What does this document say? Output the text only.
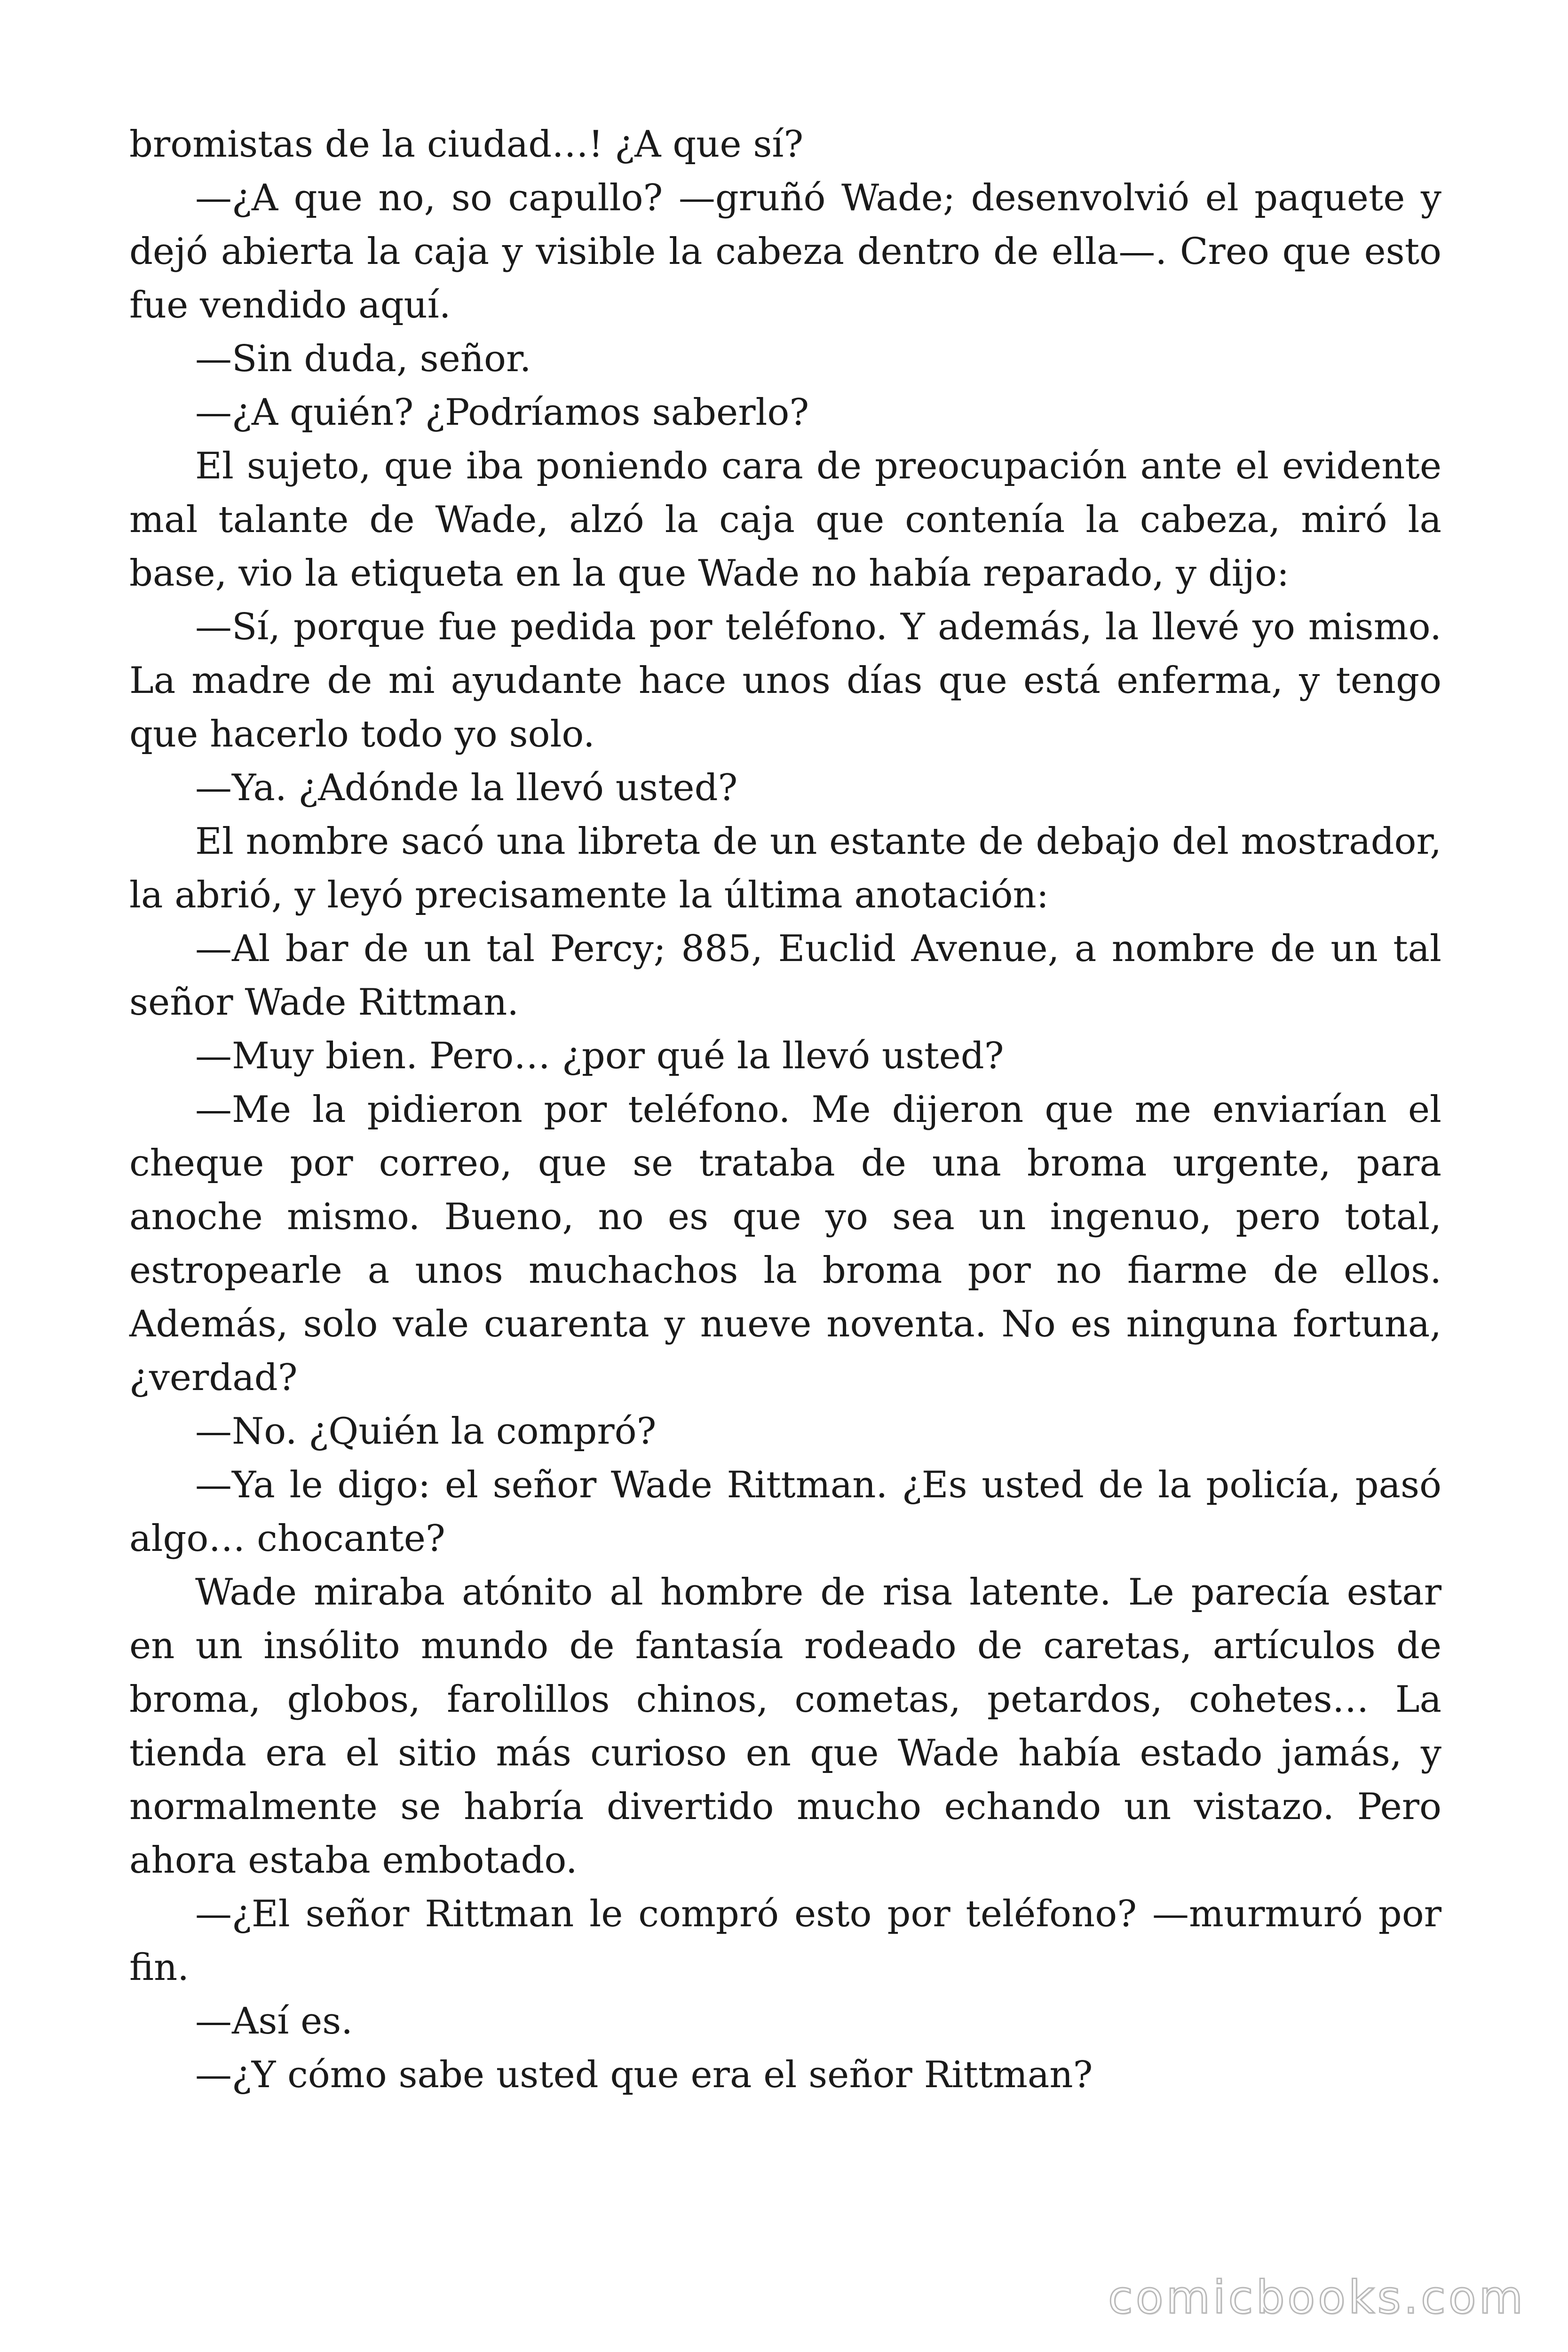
bromistas de la ciudad…! ¿A que sí?

—¿A que no, so capullo? —gruñó Wade; desenvolvió el paquete y dejó abierta la caja y visible la cabeza dentro de ella—. Creo que esto fue vendido aquí.

—Sin duda, señor.

—¿A quién? ¿Podríamos saberlo?

El sujeto, que iba poniendo cara de preocupación ante el evidente mal talante de Wade, alzó la caja que contenía la cabeza, miró la base, vio la etiqueta en la que Wade no había reparado, y dijo:

—Sí, porque fue pedida por teléfono. Y además, la llevé yo mismo. La madre de mi ayudante hace unos días que está enferma, y tengo que hacerlo todo yo solo.

—Ya. ¿Adónde la llevó usted?

El nombre sacó una libreta de un estante de debajo del mostrador, la abrió, y leyó precisamente la última anotación:

—Al bar de un tal Percy; 885, Euclid Avenue, a nombre de un tal señor Wade Rittman.

—Muy bien. Pero… ¿por qué la llevó usted?

—Me la pidieron por teléfono. Me dijeron que me enviarían el cheque por correo, que se trataba de una broma urgente, para anoche mismo. Bueno, no es que yo sea un ingenuo, pero total, estropearle a unos muchachos la broma por no fiarme de ellos. Además, solo vale cuarenta y nueve noventa. No es ninguna fortuna, ¿verdad?

—No. ¿Quién la compró?

—Ya le digo: el señor Wade Rittman. ¿Es usted de la policía, pasó algo… chocante?

Wade miraba atónito al hombre de risa latente. Le parecía estar en un insólito mundo de fantasía rodeado de caretas, artículos de broma, globos, farolillos chinos, cometas, petardos, cohetes… La tienda era el sitio más curioso en que Wade había estado jamás, y normalmente se habría divertido mucho echando un vistazo. Pero ahora estaba embotado.

—¿El señor Rittman le compró esto por teléfono? —murmuró por fin.

—Así es.

—¿Y cómo sabe usted que era el señor Rittman?

comicbooks.com
